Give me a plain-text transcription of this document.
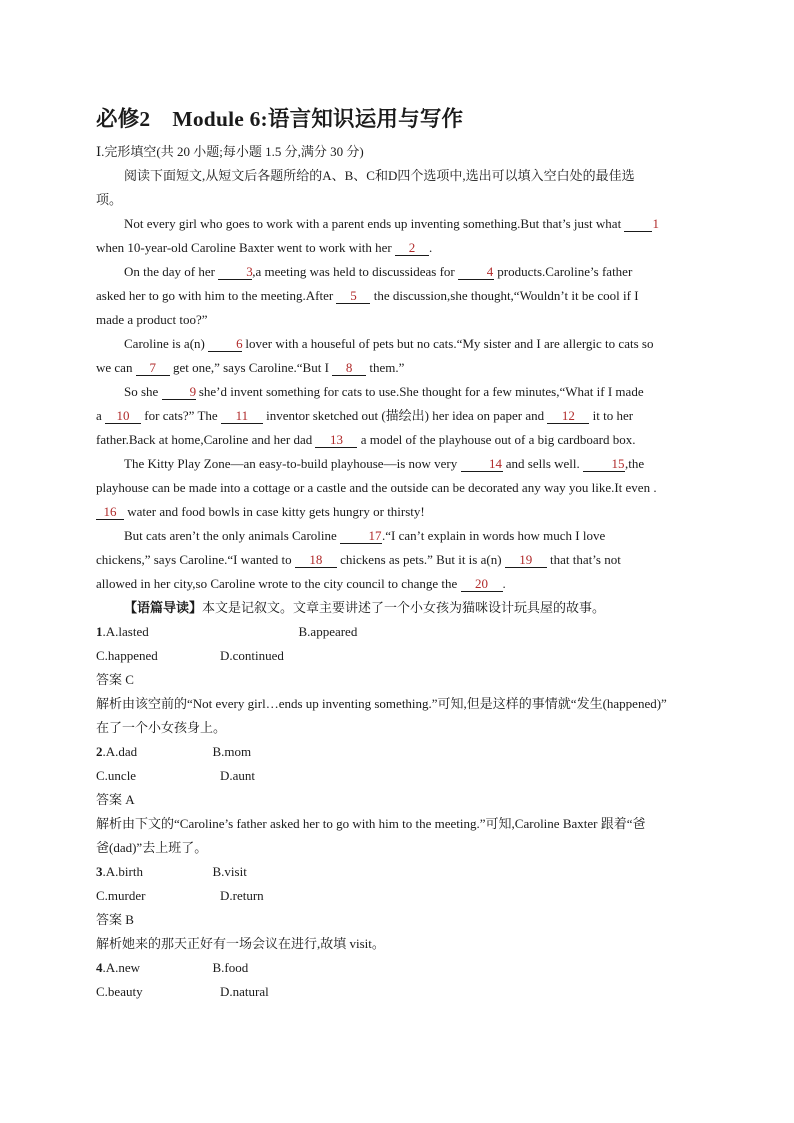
必修2 Module 6:语言知识运用与写作

Ⅰ.完形填空(共 20 小题;每小题 1.5 分,满分 30 分)

阅读下面短文,从短文后各题所给的A、B、C和D四个选项中,选出可以填入空白处的最佳选

项。

Not every girl who goes to work with a parent ends up inventing something.But that’s just what 1

when 10-year-old Caroline Baxter went to work with her 2 .

On the day of her 3,a meeting was held to discussideas for 4 products.Caroline’s father

asked her to go with him to the meeting.After 5 the discussion,she thought,“Wouldn’t it be cool if I

made a product too?”

Caroline is a(n) 6 lover with a houseful of pets but no cats.“My sister and I are allergic to cats so

we can 7 get one,” says Caroline.“But I 8 them.”

So she 9 she’d invent something for cats to use.She thought for a few minutes,“What if I made

a 10 for cats?” The 11 inventor sketched out (描绘出) her idea on paper and 12 it to her

father.Back at home,Caroline and her dad 13 a model of the playhouse out of a big cardboard box.

The Kitty Play Zone—an easy-to-build playhouse—is now very 14 and sells well. 15,the

playhouse can be made into a cottage or a castle and the outside can be decorated any way you like.It even .

16 water and food bowls in case kitty gets hungry or thirsty!

But cats aren’t the only animals Caroline 17.“I can’t explain in words how much I love

chickens,” says Caroline.“I wanted to 18 chickens as pets.” But it is a(n) 19 that that’s not

allowed in her city,so Caroline wrote to the city council to change the 20 .

【语篇导读】本文是记叙文。文章主要讲述了一个小女孩为猫咪设计玩具屋的故事。

1.A.lasted	B.appeared

C.happened	D.continued

答案 C

解析由该空前的“Not every girl…ends up inventing something.”可知,但是这样的事情就“发生(happened)”

在了一个小女孩身上。

2.A.dad	B.mom

C.uncle	D.aunt

答案 A

解析由下文的“Caroline’s father asked her to go with him to the meeting.”可知,Caroline Baxter 跟着“爸

爸(dad)”去上班了。

3.A.birth	B.visit

C.murder	D.return

答案 B

解析她来的那天正好有一场会议在进行,故填 visit。

4.A.new	B.food

C.beauty	D.natural
